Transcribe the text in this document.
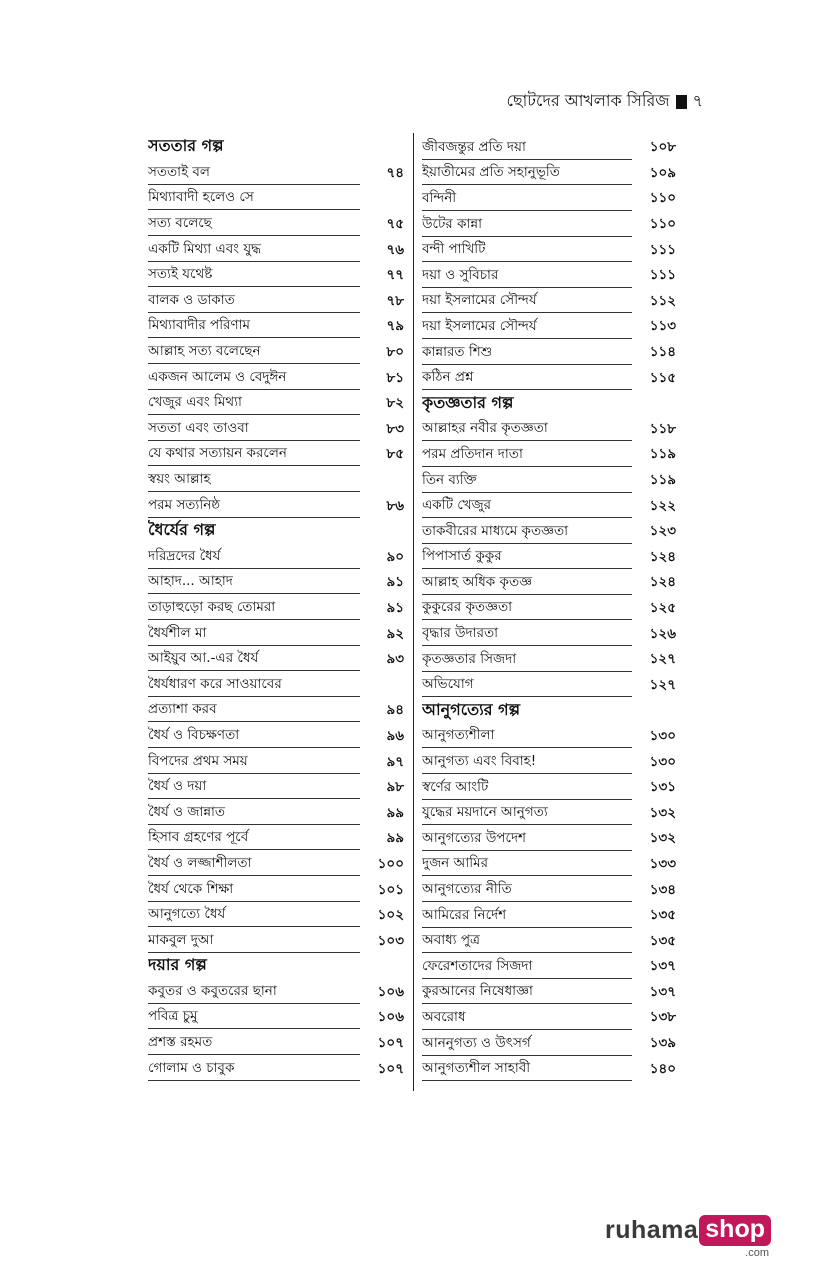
ছোটদের আখলাক সিরিজ ৭
সততার গল্প
সততাই বল	৭৪
মিথ্যাবাদী হলেও সে
সত্য বলেছে	৭৫
একটি মিথ্যা এবং যুদ্ধ	৭৬
সত্যই যথেষ্ট	৭৭
বালক ও ডাকাত	৭৮
মিথ্যাবাদীর পরিণাম	৭৯
আল্লাহ সত্য বলেছেন	৮০
একজন আলেম ও বেদুঈন	৮১
খেজুর এবং মিথ্যা	৮২
সততা এবং তাওবা	৮৩
যে কথার সত্যায়ন করলেন	৮৫
স্বয়ং আল্লাহ
পরম সত্যনিষ্ঠ	৮৬
ধৈর্যের গল্প
দরিদ্রদের ধৈর্য	৯০
আহাদ... আহাদ	৯১
তাড়াহুড়ো করছ তোমরা	৯১
ধৈর্যশীল মা	৯২
আইয়ুব আ.-এর ধৈর্য	৯৩
ধৈর্যধারণ করে সাওয়াবের
প্রত্যাশা করব	৯৪
ধৈর্য ও বিচক্ষণতা	৯৬
বিপদের প্রথম সময়	৯৭
ধৈর্য ও দয়া	৯৮
ধৈর্য ও জান্নাত	৯৯
হিসাব গ্রহণের পূর্বে	৯৯
ধৈর্য ও লজ্জাশীলতা	১০০
ধৈর্য থেকে শিক্ষা	১০১
আনুগত্যে ধৈর্য	১০২
মাকবুল দুআ	১০৩
দয়ার গল্প
কবুতর ও কবুতরের ছানা	১০৬
পবিত্র চুমু	১০৬
প্রশস্ত রহমত	১০৭
গোলাম ও চাবুক	১০৭
জীবজন্তুর প্রতি দয়া	১০৮
ইয়াতীমের প্রতি সহানুভূতি	১০৯
বন্দিনী	১১০
উটের কান্না	১১০
বন্দী পাখিটি	১১১
দয়া ও সুবিচার	১১১
দয়া ইসলামের সৌন্দর্য	১১২
দয়া ইসলামের সৌন্দর্য	১১৩
কান্নারত শিশু	১১৪
কঠিন প্রশ্ন	১১৫
কৃতজ্ঞতার গল্প
আল্লাহর নবীর কৃতজ্ঞতা	১১৮
পরম প্রতিদান দাতা	১১৯
তিন ব্যক্তি	১১৯
একটি খেজুর	১২২
তাকবীরের মাধ্যমে কৃতজ্ঞতা	১২৩
পিপাসার্ত কুকুর	১২৪
আল্লাহ অধিক কৃতজ্ঞ	১২৪
কুকুরের কৃতজ্ঞতা	১২৫
বৃদ্ধার উদারতা	১২৬
কৃতজ্ঞতার সিজদা	১২৭
অভিযোগ	১২৭
আনুগত্যের গল্প
আনুগত্যশীলা	১৩০
আনুগত্য এবং বিবাহ!	১৩০
স্বর্ণের আংটি	১৩১
যুদ্ধের ময়দানে আনুগত্য	১৩২
আনুগত্যের উপদেশ	১৩২
দুজন আমির	১৩৩
আনুগত্যের নীতি	১৩৪
আমিরের নির্দেশ	১৩৫
অবাধ্য পুত্র	১৩৫
ফেরেশতাদের সিজদা	১৩৭
কুরআনের নিষেধাজ্ঞা	১৩৭
অবরোধ	১৩৮
আননুগত্য ও উৎসর্গ	১৩৯
আনুগত্যশীল সাহাবী	১৪০
ruhama shop
.com
